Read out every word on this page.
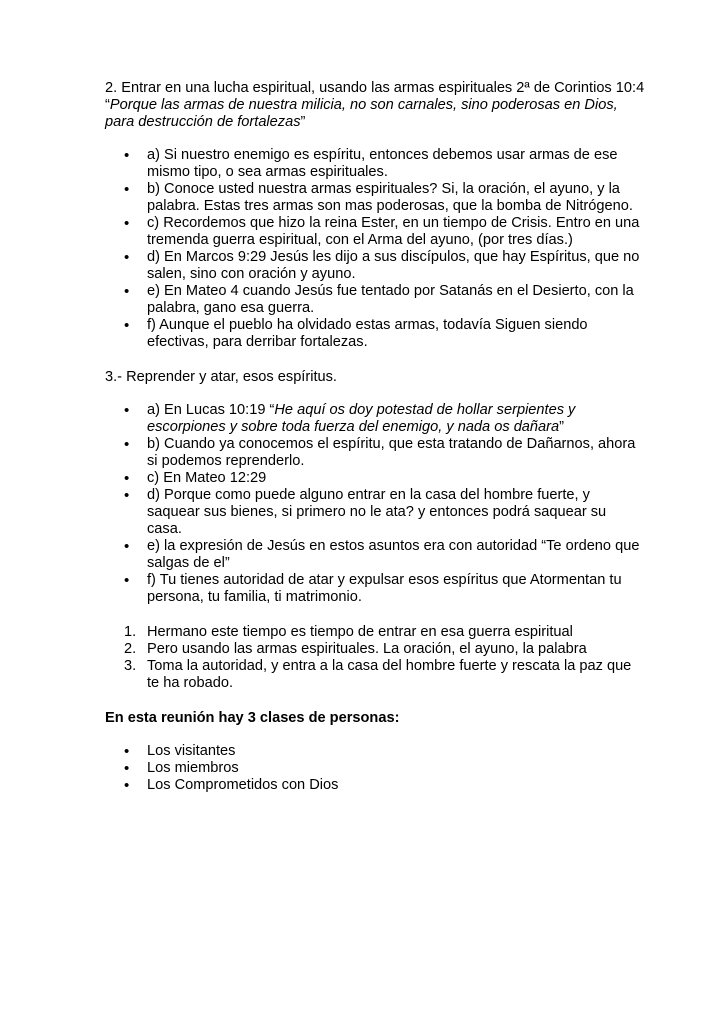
2. Entrar en una lucha espiritual, usando las armas espirituales 2ª de Corintios 10:4 “Porque las armas de nuestra milicia, no son carnales, sino poderosas en Dios, para destrucción de fortalezas”

• a) Si nuestro enemigo es espíritu, entonces debemos usar armas de ese mismo tipo, o sea armas espirituales.
• b) Conoce usted nuestra armas espirituales? Si, la oración, el ayuno, y la palabra. Estas tres armas son mas poderosas, que la bomba de Nitrógeno.
• c) Recordemos que hizo la reina Ester, en un tiempo de Crisis. Entro en una tremenda guerra espiritual, con el Arma del ayuno, (por tres días.)
• d) En Marcos 9:29 Jesús les dijo a sus discípulos, que hay Espíritus, que no salen, sino con oración y ayuno.
• e) En Mateo 4 cuando Jesús fue tentado por Satanás en el Desierto, con la palabra, gano esa guerra.
• f) Aunque el pueblo ha olvidado estas armas, todavía Siguen siendo efectivas, para derribar fortalezas.

3.- Reprender y atar, esos espíritus.

• a) En Lucas 10:19 “He aquí os doy potestad de hollar serpientes y escorpiones y sobre toda fuerza del enemigo, y nada os dañara”
• b) Cuando ya conocemos el espíritu, que esta tratando de Dañarnos, ahora si podemos reprenderlo.
• c) En Mateo 12:29
• d) Porque como puede alguno entrar en la casa del hombre fuerte, y saquear sus bienes, si primero no le ata? y entonces podrá saquear su casa.
• e) la expresión de Jesús en estos asuntos era con autoridad “Te ordeno que salgas de el”
• f) Tu tienes autoridad de atar y expulsar esos espíritus que Atormentan tu persona, tu familia, ti matrimonio.
1. Hermano este tiempo es tiempo de entrar en esa guerra espiritual
2. Pero usando las armas espirituales. La oración, el ayuno, la palabra
3. Toma la autoridad, y entra a la casa del hombre fuerte y rescata la paz que te ha robado.

En esta reunión hay 3 clases de personas:

• Los visitantes
• Los miembros
• Los Comprometidos con Dios
